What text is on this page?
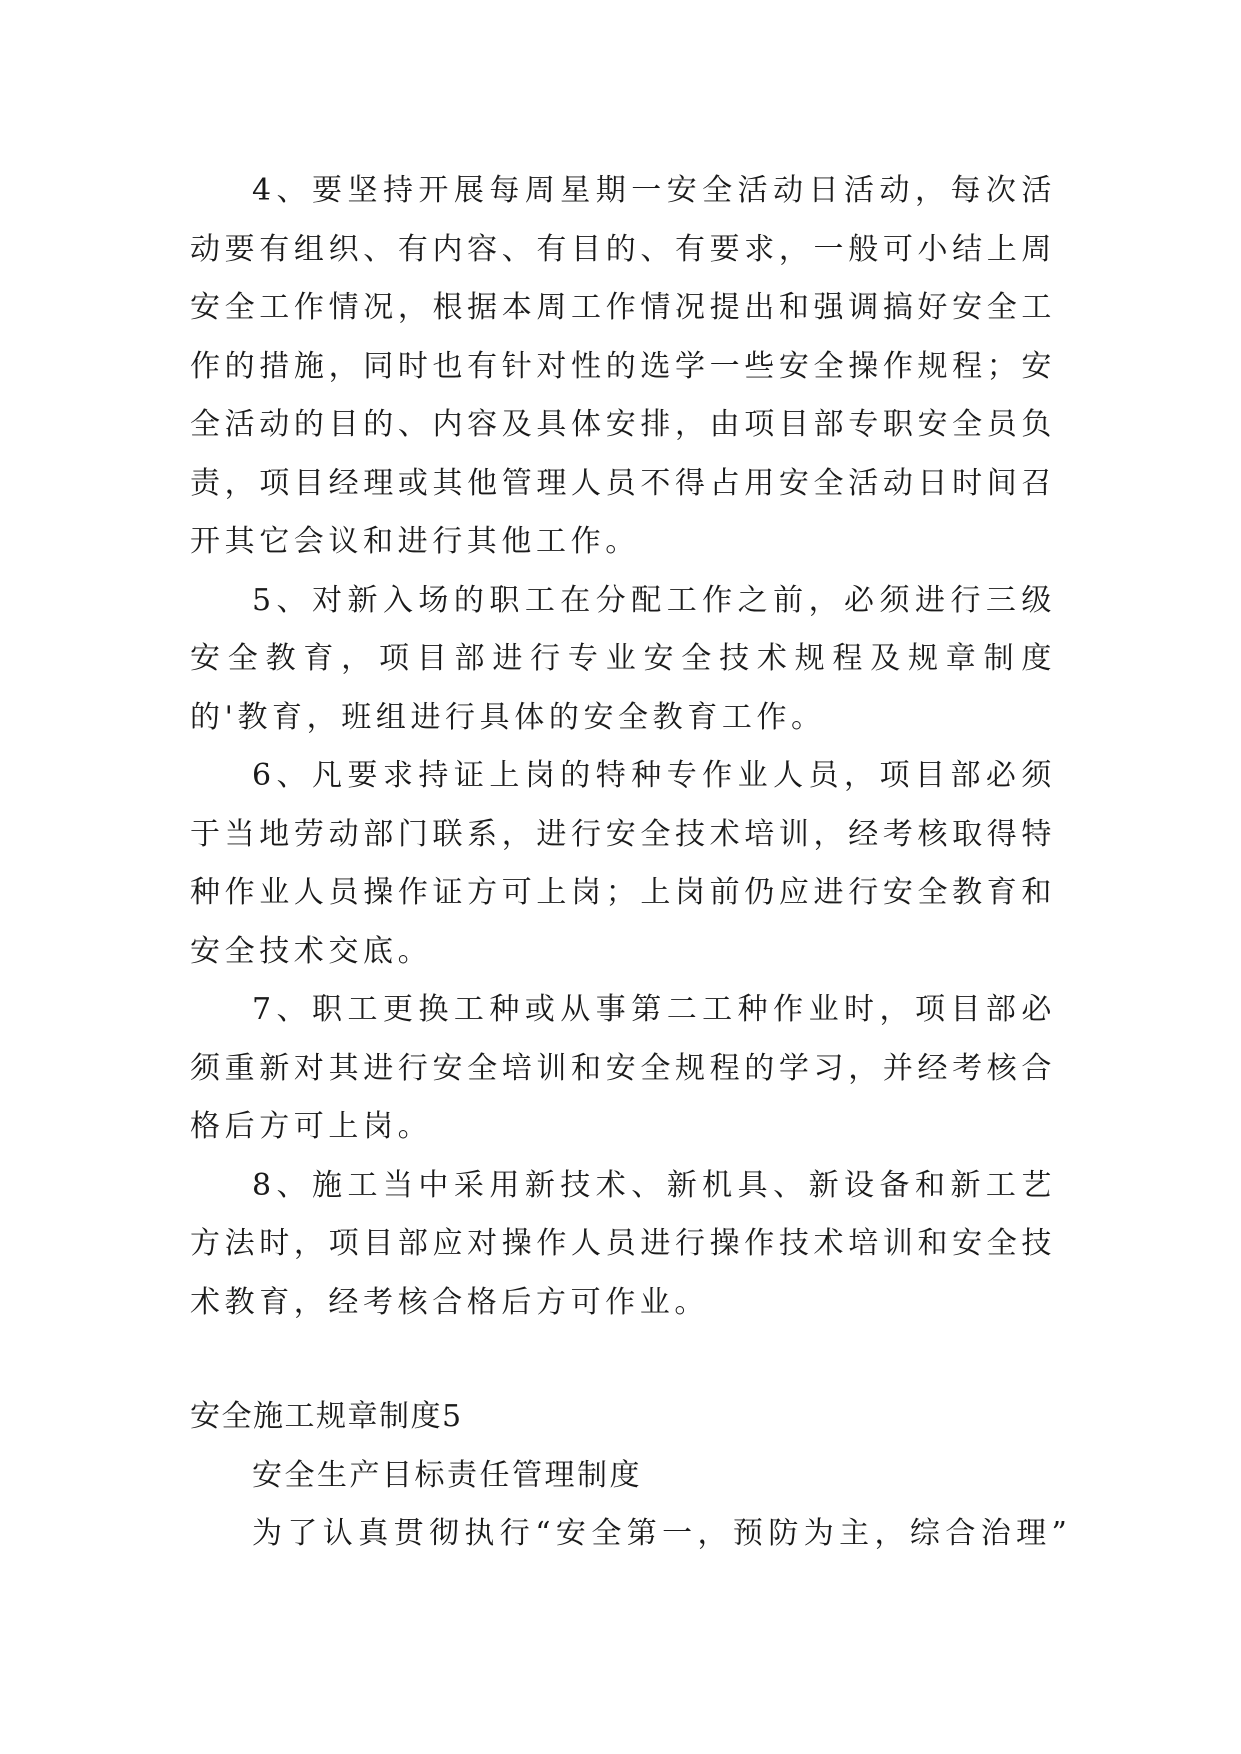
4、要坚持开展每周星期一安全活动日活动，每次活动要有组织、有内容、有目的、有要求，一般可小结上周安全工作情况，根据本周工作情况提出和强调搞好安全工作的措施，同时也有针对性的选学一些安全操作规程；安全活动的目的、内容及具体安排，由项目部专职安全员负责，项目经理或其他管理人员不得占用安全活动日时间召开其它会议和进行其他工作。

5、对新入场的职工在分配工作之前，必须进行三级安全教育，项目部进行专业安全技术规程及规章制度的'教育，班组进行具体的安全教育工作。

6、凡要求持证上岗的特种专作业人员，项目部必须于当地劳动部门联系，进行安全技术培训，经考核取得特种作业人员操作证方可上岗；上岗前仍应进行安全教育和安全技术交底。

7、职工更换工种或从事第二工种作业时，项目部必须重新对其进行安全培训和安全规程的学习，并经考核合格后方可上岗。

8、施工当中采用新技术、新机具、新设备和新工艺方法时，项目部应对操作人员进行操作技术培训和安全技术教育，经考核合格后方可作业。

安全施工规章制度5

安全生产目标责任管理制度

为了认真贯彻执行“安全第一，预防为主，综合治理”
